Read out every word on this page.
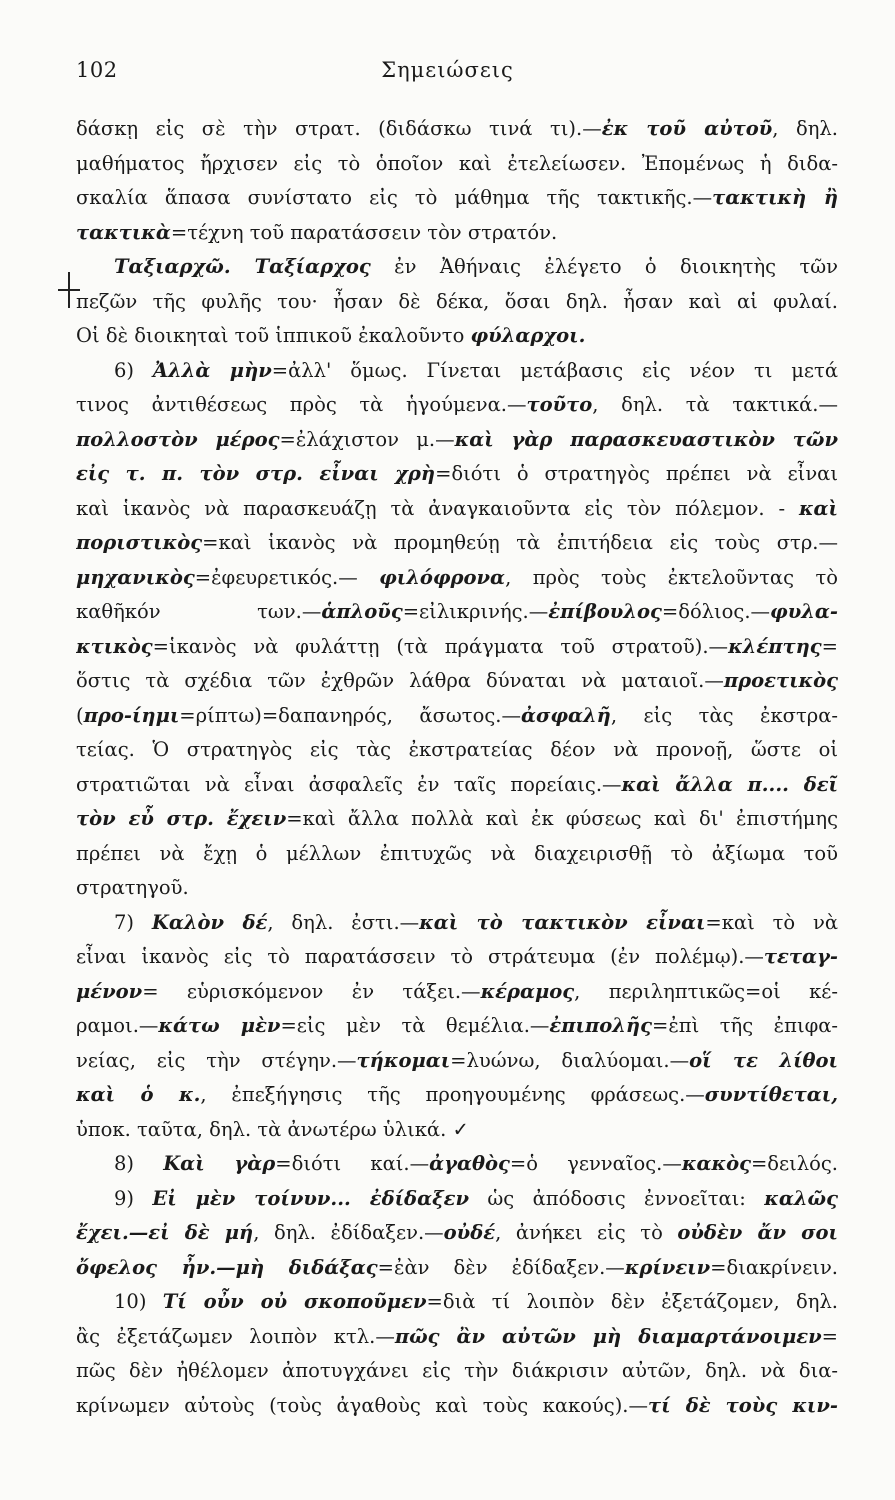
102	Σημειώσεις
δάσκῃ εἰς σὲ τὴν στρατ. (διδάσκω τινά τι).—ἐκ τοῦ αὐτοῦ, δηλ.
μαθήματος ἤρχισεν εἰς τὸ ὁποῖον καὶ ἐτελείωσεν. Ἐπομένως ἡ διδα-
σκαλία ἅπασα συνίστατο εἰς τὸ μάθημα τῆς τακτικῆς.—τακτικὴ ἢ
τακτικὰ=τέχνη τοῦ παρατάσσειν τὸν στρατόν.
Ταξιαρχῶ. Ταξίαρχος ἐν Ἀθήναις ἐλέγετο ὁ διοικητὴς τῶν
πεζῶν τῆς φυλῆς του· ἦσαν δὲ δέκα, ὅσαι δηλ. ἦσαν καὶ αἱ φυλαί.
Οἱ δὲ διοικηταὶ τοῦ ἱππικοῦ ἐκαλοῦντο φύλαρχοι.
6) Ἀλλὰ μὴν=ἀλλ' ὅμως. Γίνεται μετάβασις εἰς νέον τι μετά
τινος ἀντιθέσεως πρὸς τὰ ἡγούμενα.—τοῦτο, δηλ. τὰ τακτικά.—
πολλοστὸν μέρος=ἐλάχιστον μ.—καὶ γὰρ παρασκευαστικὸν τῶν
εἰς τ. π. τὸν στρ. εἶναι χρὴ=διότι ὁ στρατηγὸς πρέπει νὰ εἶναι
καὶ ἱκανὸς νὰ παρασκευάζῃ τὰ ἀναγκαιοῦντα εἰς τὸν πόλεμον. - καὶ
ποριστικὸς=καὶ ἱκανὸς νὰ προμηθεύῃ τὰ ἐπιτήδεια εἰς τοὺς στρ.—
μηχανικὸς=ἐφευρετικός.— φιλόφρονα, πρὸς τοὺς ἐκτελοῦντας τὸ
καθῆκόν των.—ἁπλοῦς=εἰλικρινής.—ἐπίβουλος=δόλιος.—φυλα-
κτικὸς=ἱκανὸς νὰ φυλάττῃ (τὰ πράγματα τοῦ στρατοῦ).—κλέπτης=
ὅστις τὰ σχέδια τῶν ἐχθρῶν λάθρα δύναται νὰ ματαιοῖ.—προετικὸς
(προ-ίημι=ρίπτω)=δαπανηρός, ἄσωτος.—ἀσφαλῆ, εἰς τὰς ἐκστρα-
τείας. Ὁ στρατηγὸς εἰς τὰς ἐκστρατείας δέον νὰ προνοῇ, ὥστε οἱ
στρατιῶται νὰ εἶναι ἀσφαλεῖς ἐν ταῖς πορείαις.—καὶ ἄλλα π.... δεῖ
τὸν εὖ στρ. ἔχειν=καὶ ἄλλα πολλὰ καὶ ἐκ φύσεως καὶ δι' ἐπιστήμης
πρέπει νὰ ἔχῃ ὁ μέλλων ἐπιτυχῶς νὰ διαχειρισθῇ τὸ ἀξίωμα τοῦ
στρατηγοῦ.
7) Καλὸν δέ, δηλ. ἐστι.—καὶ τὸ τακτικὸν εἶναι=καὶ τὸ νὰ
εἶναι ἱκανὸς εἰς τὸ παρατάσσειν τὸ στράτευμα (ἐν πολέμῳ).—τεταγ-
μένον= εὑρισκόμενον ἐν τάξει.—κέραμος, περιληπτικῶς=οἱ κέ-
ραμοι.—κάτω μὲν=εἰς μὲν τὰ θεμέλια.—ἐπιπολῆς=ἐπὶ τῆς ἐπιφα-
νείας, εἰς τὴν στέγην.—τήκομαι=λυώνω, διαλύομαι.—οἵ τε λίθοι
καὶ ὁ κ., ἐπεξήγησις τῆς προηγουμένης φράσεως.—συντίθεται,
ὑποκ. ταῦτα, δηλ. τὰ ἀνωτέρω ὑλικά. ✓
8) Καὶ γὰρ=διότι καί.—ἀγαθὸς=ὁ γενναῖος.—κακὸς=δειλός.
9) Εἰ μὲν τοίνυν... ἐδίδαξεν ὡς ἀπόδοσις ἐννοεῖται: καλῶς
ἔχει.—εἰ δὲ μή, δηλ. ἐδίδαξεν.—οὐδέ, ἀνήκει εἰς τὸ οὐδὲν ἄν σοι
ὄφελος ἦν.—μὴ διδάξας=ἐὰν δὲν ἐδίδαξεν.—κρίνειν=διακρίνειν.
10) Τί οὖν οὐ σκοποῦμεν=διὰ τί λοιπὸν δὲν ἐξετάζομεν, δηλ.
ἂς ἐξετάζωμεν λοιπὸν κτλ.—πῶς ἂν αὐτῶν μὴ διαμαρτάνοιμεν=
πῶς δὲν ἠθέλομεν ἀποτυγχάνει εἰς τὴν διάκρισιν αὐτῶν, δηλ. νὰ δια-
κρίνωμεν αὐτοὺς (τοὺς ἀγαθοὺς καὶ τοὺς κακούς).—τί δὲ τοὺς κιν-
